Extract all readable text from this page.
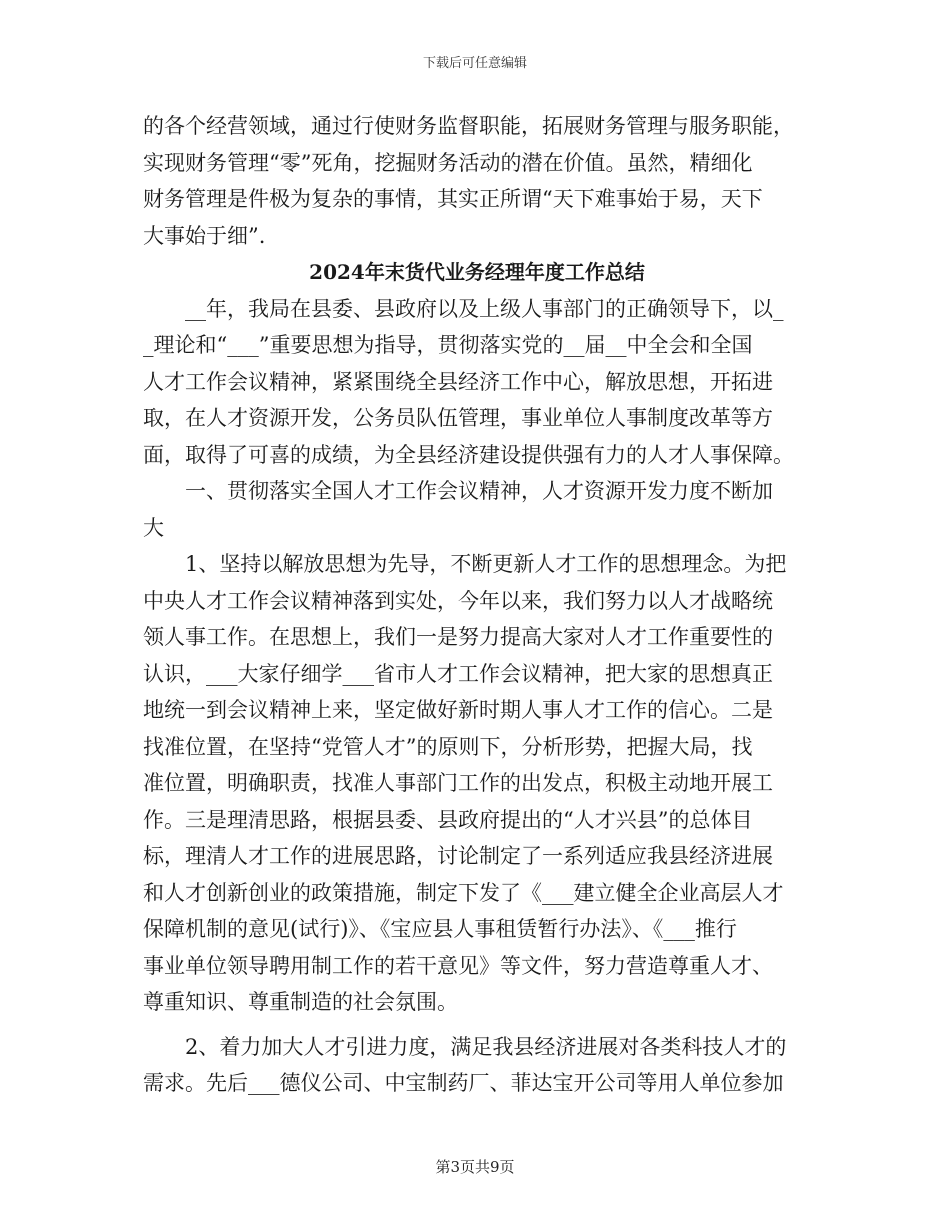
下载后可任意编辑
的各个经营领域，通过行使财务监督职能，拓展财务管理与服务职能，
实现财务管理“零”死角，挖掘财务活动的潜在价值。虽然，精细化
财务管理是件极为复杂的事情，其实正所谓“天下难事始于易，天下
大事始于细”.
2024年末货代业务经理年度工作总结
__年，我局在县委、县政府以及上级人事部门的正确领导下，以_
_理论和“___”重要思想为指导，贯彻落实党的__届__中全会和全国
人才工作会议精神，紧紧围绕全县经济工作中心，解放思想，开拓进
取，在人才资源开发，公务员队伍管理，事业单位人事制度改革等方
面，取得了可喜的成绩，为全县经济建设提供强有力的人才人事保障。
一、贯彻落实全国人才工作会议精神，人才资源开发力度不断加
大
1、坚持以解放思想为先导，不断更新人才工作的思想理念。为把
中央人才工作会议精神落到实处，今年以来，我们努力以人才战略统
领人事工作。在思想上，我们一是努力提高大家对人才工作重要性的
认识，___大家仔细学___省市人才工作会议精神，把大家的思想真正
地统一到会议精神上来，坚定做好新时期人事人才工作的信心。二是
找准位置，在坚持“党管人才”的原则下，分析形势，把握大局，找
准位置，明确职责，找准人事部门工作的出发点，积极主动地开展工
作。三是理清思路，根据县委、县政府提出的“人才兴县”的总体目
标，理清人才工作的进展思路，讨论制定了一系列适应我县经济进展
和人才创新创业的政策措施，制定下发了《___建立健全企业高层人才
保障机制的意见(试行)》、《宝应县人事租赁暂行办法》、《___推行
事业单位领导聘用制工作的若干意见》等文件，努力营造尊重人才、
尊重知识、尊重制造的社会氛围。
2、着力加大人才引进力度，满足我县经济进展对各类科技人才的
需求。先后___德仪公司、中宝制药厂、菲达宝开公司等用人单位参加
第3页共9页
